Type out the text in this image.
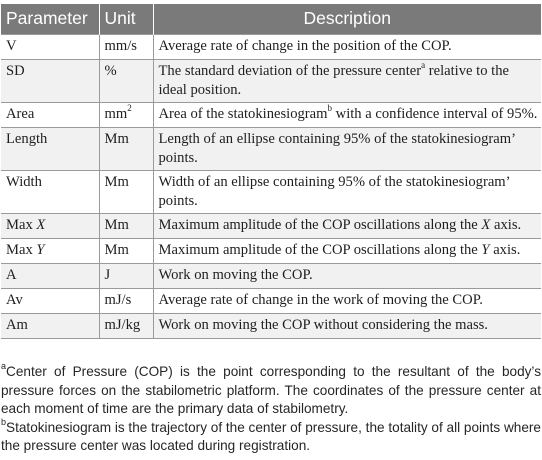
Parameter	Unit	Description
V	mm/s	Average rate of change in the position of the COP.
SD	%	The standard deviation of the pressure center$^a$ relative to the ideal position.
Area	$mm^2$	Area of the statokinesiogram$^b$ with a confidence interval of 95%.
Length	Mm	Length of an ellipse containing 95% of the statokinesiogram’ points.
Width	Mm	Width of an ellipse containing 95% of the statokinesiogram’ points.
Max X	Mm	Maximum amplitude of the COP oscillations along the X axis.
Max Y	Mm	Maximum amplitude of the COP oscillations along the Y axis.
A	J	Work on moving the COP.
Av	mJ/s	Average rate of change in the work of moving the COP.
Am	mJ/kg	Work on moving the COP without considering the mass.

$^a$Center of Pressure (COP) is the point corresponding to the resultant of the body’s pressure forces on the stabilometric platform. The coordinates of the pressure center at each moment of time are the primary data of stabilometry.

$^b$Statokinesiogram is the trajectory of the center of pressure, the totality of all points where the pressure center was located during registration.
